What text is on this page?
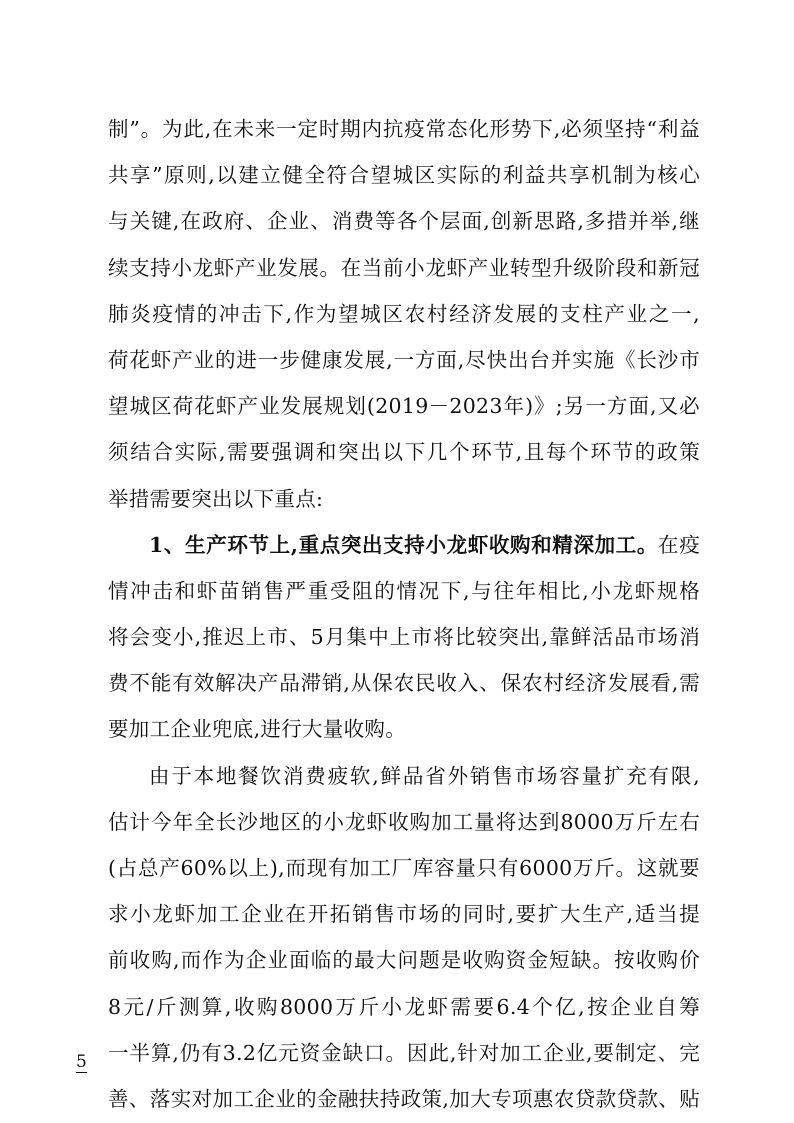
制”。为此,在未来一定时期内抗疫常态化形势下,必须坚持“利益
共享”原则,以建立健全符合望城区实际的利益共享机制为核心
与关键,在政府、企业、消费等各个层面,创新思路,多措并举,继
续支持小龙虾产业发展。在当前小龙虾产业转型升级阶段和新冠
肺炎疫情的冲击下,作为望城区农村经济发展的支柱产业之一,
荷花虾产业的进一步健康发展,一方面,尽快出台并实施《长沙市
望城区荷花虾产业发展规划(2019－2023年)》;另一方面,又必
须结合实际,需要强调和突出以下几个环节,且每个环节的政策
举措需要突出以下重点:
1、生产环节上,重点突出支持小龙虾收购和精深加工。在疫
情冲击和虾苗销售严重受阻的情况下,与往年相比,小龙虾规格
将会变小,推迟上市、5月集中上市将比较突出,靠鲜活品市场消
费不能有效解决产品滞销,从保农民收入、保农村经济发展看,需
要加工企业兜底,进行大量收购。
由于本地餐饮消费疲软,鲜品省外销售市场容量扩充有限,
估计今年全长沙地区的小龙虾收购加工量将达到8000万斤左右
(占总产60%以上),而现有加工厂库容量只有6000万斤。这就要
求小龙虾加工企业在开拓销售市场的同时,要扩大生产,适当提
前收购,而作为企业面临的最大问题是收购资金短缺。按收购价
8元/斤测算,收购8000万斤小龙虾需要6.4个亿,按企业自筹
一半算,仍有3.2亿元资金缺口。因此,针对加工企业,要制定、完
善、落实对加工企业的金融扶持政策,加大专项惠农贷款贷款、贴
5
